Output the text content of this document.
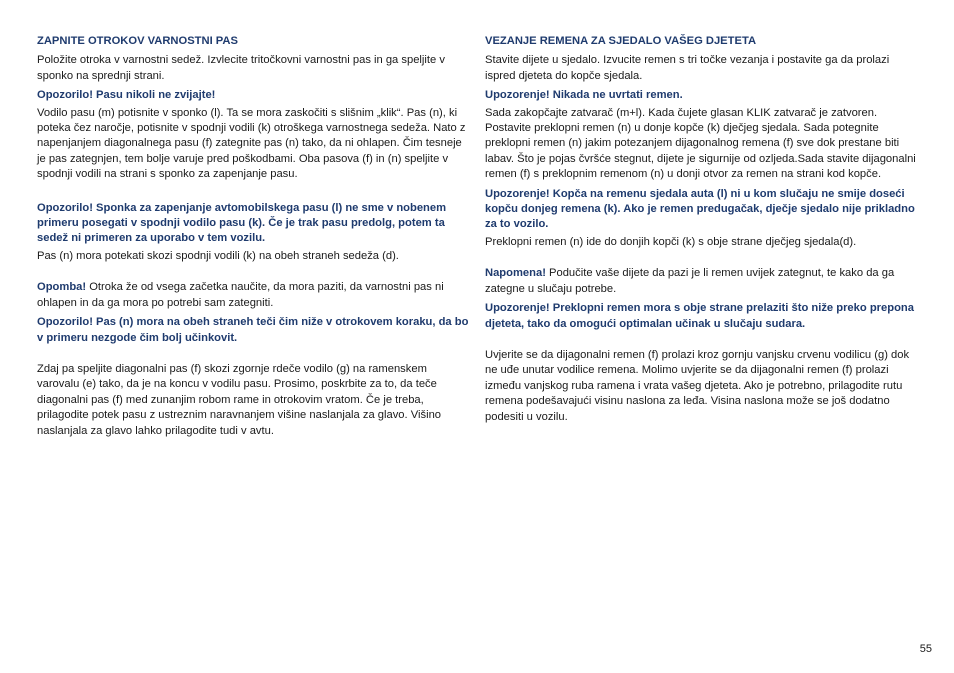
ZAPNITE OTROKOV VARNOSTNI PAS

Položite otroka v varnostni sedež. Izvlecite tritočkovni varnostni pas in ga speljite v sponko na sprednji strani.

Opozorilo! Pasu nikoli ne zvijajte!

Vodilo pasu (m) potisnite v sponko (l). Ta se mora zaskočiti s slišnim „klik“. Pas (n), ki poteka čez naročje, potisnite v spodnji vodili (k) otroškega varnostnega sedeža. Nato z napenjanjem diagonalnega pasu (f) zategnite pas (n) tako, da ni ohlapen. Čim tesneje je pas zategnjen, tem bolje varuje pred poškodbami. Oba pasova (f) in (n) speljite v spodnji vodili na strani s sponko za zapenjanje pasu.

Opozorilo! Sponka za zapenjanje avtomobilskega pasu (l) ne sme v nobenem primeru posegati v spodnji vodilo pasu (k). Če je trak pasu predolg, potem ta sedež ni primeren za uporabo v tem vozilu.

Pas (n) mora potekati skozi spodnji vodili (k) na obeh straneh sedeža (d).

Opomba! Otroka že od vsega začetka naučite, da mora paziti, da varnostni pas ni ohlapen in da ga mora po potrebi sam zategniti.

Opozorilo! Pas (n) mora na obeh straneh teči čim niže v otrokovem koraku, da bo v primeru nezgode čim bolj učinkovit.

Zdaj pa speljite diagonalni pas (f) skozi zgornje rdeče vodilo (g) na ramenskem varovalu (e) tako, da je na koncu v vodilu pasu. Prosimo, poskrbite za to, da teče diagonalni pas (f) med zunanjim robom rame in otrokovim vratom. Če je treba, prilagodite potek pasu z ustreznim naravnanjem višine naslanjala za glavo. Višino naslanjala za glavo lahko prilagodite tudi v avtu.

VEZANJE REMENA ZA SJEDALO VAŠEG DJETETA

Stavite dijete u sjedalo. Izvucite remen s tri točke vezanja i postavite ga da prolazi ispred djeteta do kopče sjedala.

Upozorenje! Nikada ne uvrtati remen.

Sada zakopčajte zatvarač (m+l). Kada čujete glasan KLIK zatvarač je zatvoren. Postavite preklopni remen (n) u donje kopče (k) dječjeg sjedala. Sada potegnite preklopni remen (n) jakim potezanjem dijagonalnog remena (f) sve dok prestane biti labav. Što je pojas čvršće stegnut, dijete je sigurnije od ozljeda.Sada stavite dijagonalni remen (f) s preklopnim remenom (n) u donji otvor za remen na strani kod kopče.

Upozorenje! Kopča na remenu sjedala auta (l) ni u kom slučaju ne smije doseći kopču donjeg remena (k). Ako je remen predugačak, dječje sjedalo nije prikladno za to vozilo.

Preklopni remen (n) ide do donjih kopči (k) s obje strane dječjeg sjedala(d).

Napomena! Podučite vaše dijete da pazi je li remen uvijek zategnut, te kako da ga zategne u slučaju potrebe.

Upozorenje! Preklopni remen mora s obje strane prelaziti što niže preko prepona djeteta, tako da omogući optimalan učinak u slučaju sudara.

Uvjerite se da dijagonalni remen (f) prolazi kroz gornju vanjsku crvenu vodilicu (g) dok ne uđe unutar vodilice remena. Molimo uvjerite se da dijagonalni remen (f) prolazi između vanjskog ruba ramena i vrata vašeg djeteta. Ako je potrebno, prilagodite rutu remena podešavajući visinu naslona za leđa. Visina naslona može se još dodatno podesiti u vozilu.

55
